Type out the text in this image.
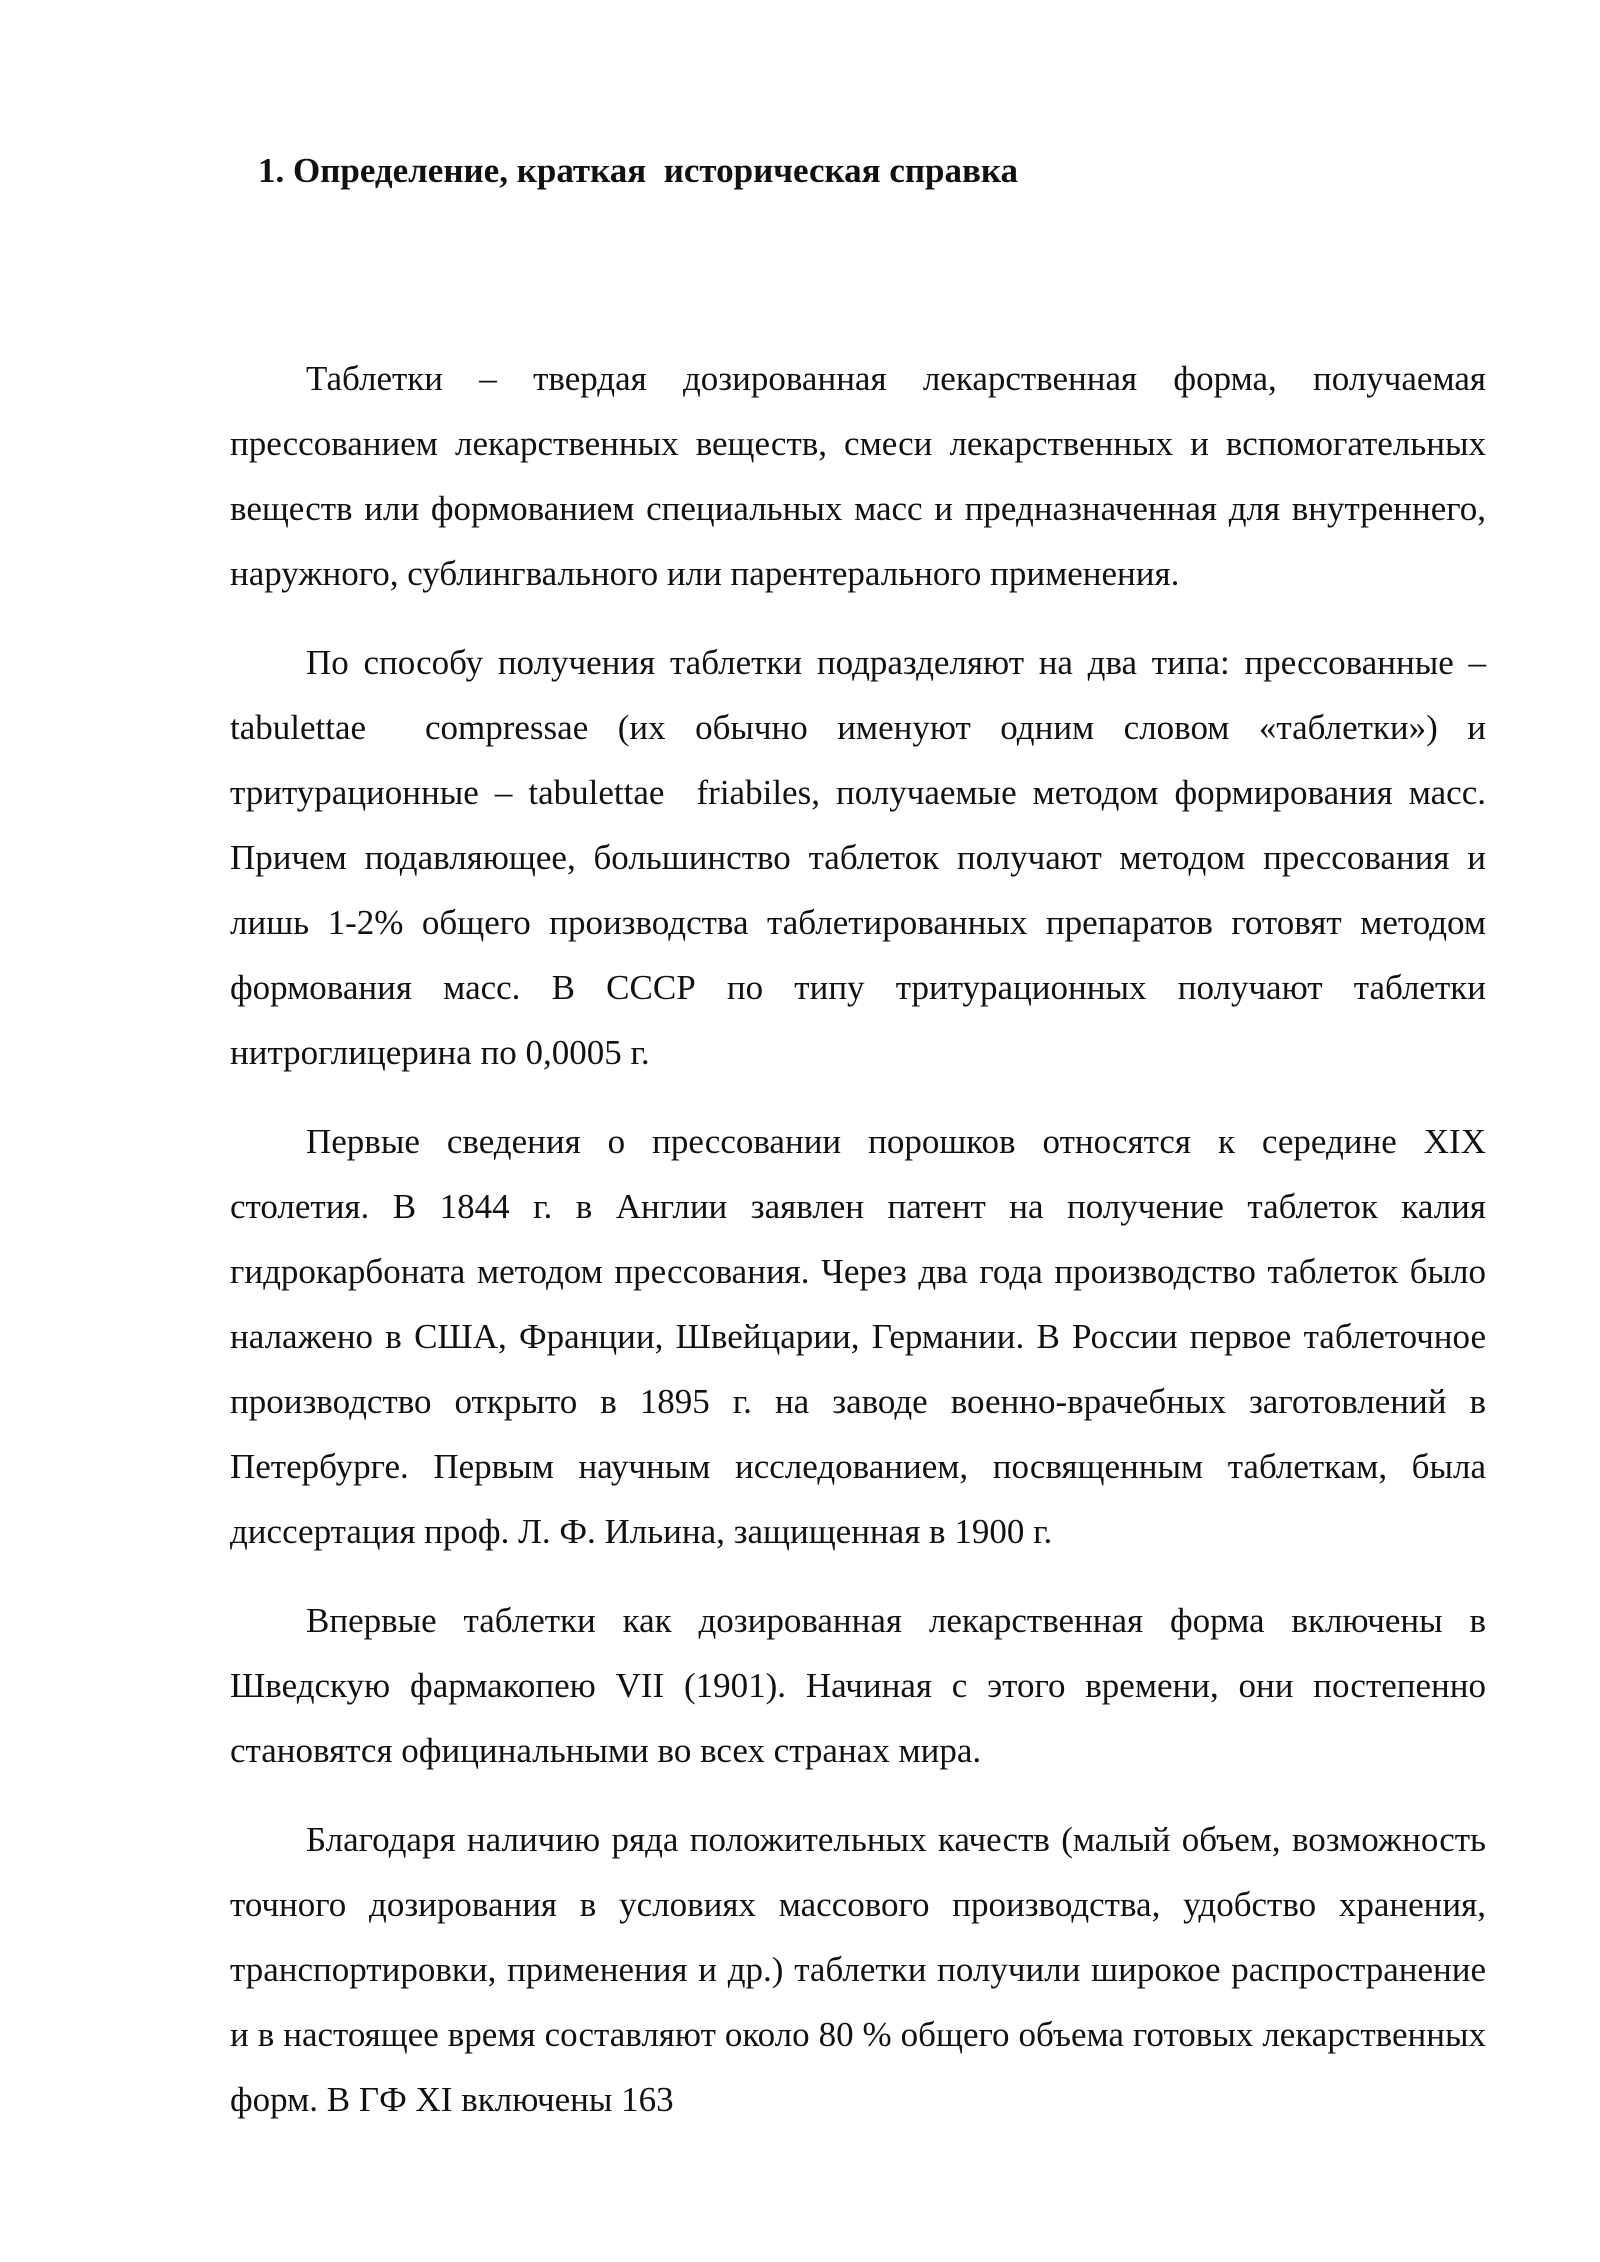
1. Определение, краткая  историческая справка

Таблетки – твердая дозированная лекарственная форма, получаемая прессованием лекарственных веществ, смеси лекарственных и вспомогательных веществ или формованием специальных масс и предназначенная для внутреннего, наружного, сублингвального или парентерального применения.

По способу получения таблетки подразделяют на два типа: прессованные – tabulettae  compressae (их обычно именуют одним словом «таблетки») и тритурационные – tabulettae  friabiles, получаемые методом формирования масс. Причем подавляющее, большинство таблеток получают методом прессования и лишь 1-2% общего производства таблетированных препаратов готовят методом формования масс. В СССР по типу тритурационных получают таблетки нитроглицерина по 0,0005 г.

Первые сведения о прессовании порошков относятся к середине XIX столетия. В 1844 г. в Англии заявлен патент на получение таблеток калия гидрокарбоната методом прессования. Через два года производство таблеток было налажено в США, Франции, Швейцарии, Германии. В России первое таблеточное производство открыто в 1895 г. на заводе военно-врачебных заготовлений в Петербурге. Первым научным исследованием, посвященным таблеткам, была диссертация проф. Л. Ф. Ильина, защищенная в 1900 г.

Впервые таблетки как дозированная лекарственная форма включены в Шведскую фармакопею VII (1901). Начиная с этого времени, они постепенно становятся официнальными во всех странах мира.

Благодаря наличию ряда положительных качеств (малый объем, возможность точного дозирования в условиях массового производства, удобство хранения, транспортировки, применения и др.) таблетки получили широкое распространение и в настоящее время составляют около 80 % общего объема готовых лекарственных форм. В ГФ XI включены 163
